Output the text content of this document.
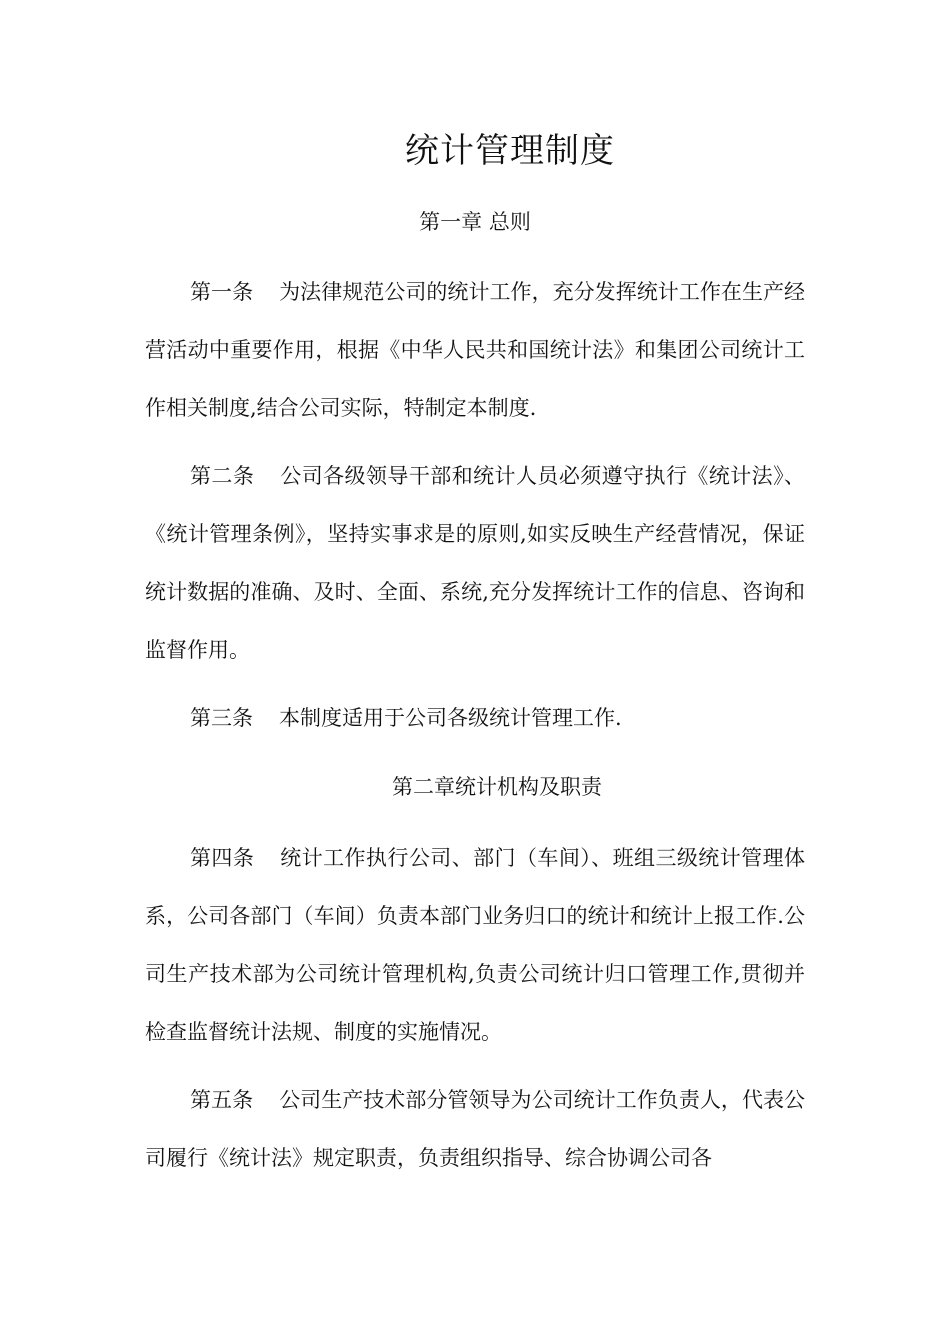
统计管理制度
第一章 总则

第一条 为法律规范公司的统计工作，充分发挥统计工作在生产经营活动中重要作用，根据《中华人民共和国统计法》和集团公司统计工作相关制度,结合公司实际，特制定本制度.

第二条 公司各级领导干部和统计人员必须遵守执行《统计法》、《统计管理条例》，坚持实事求是的原则,如实反映生产经营情况，保证统计数据的准确、及时、全面、系统,充分发挥统计工作的信息、咨询和监督作用。

第三条 本制度适用于公司各级统计管理工作.

第二章统计机构及职责

第四条 统计工作执行公司、部门（车间）、班组三级统计管理体系，公司各部门（车间）负责本部门业务归口的统计和统计上报工作.公司生产技术部为公司统计管理机构,负责公司统计归口管理工作,贯彻并检查监督统计法规、制度的实施情况。

第五条 公司生产技术部分管领导为公司统计工作负责人，代表公司履行《统计法》规定职责，负责组织指导、综合协调公司各
